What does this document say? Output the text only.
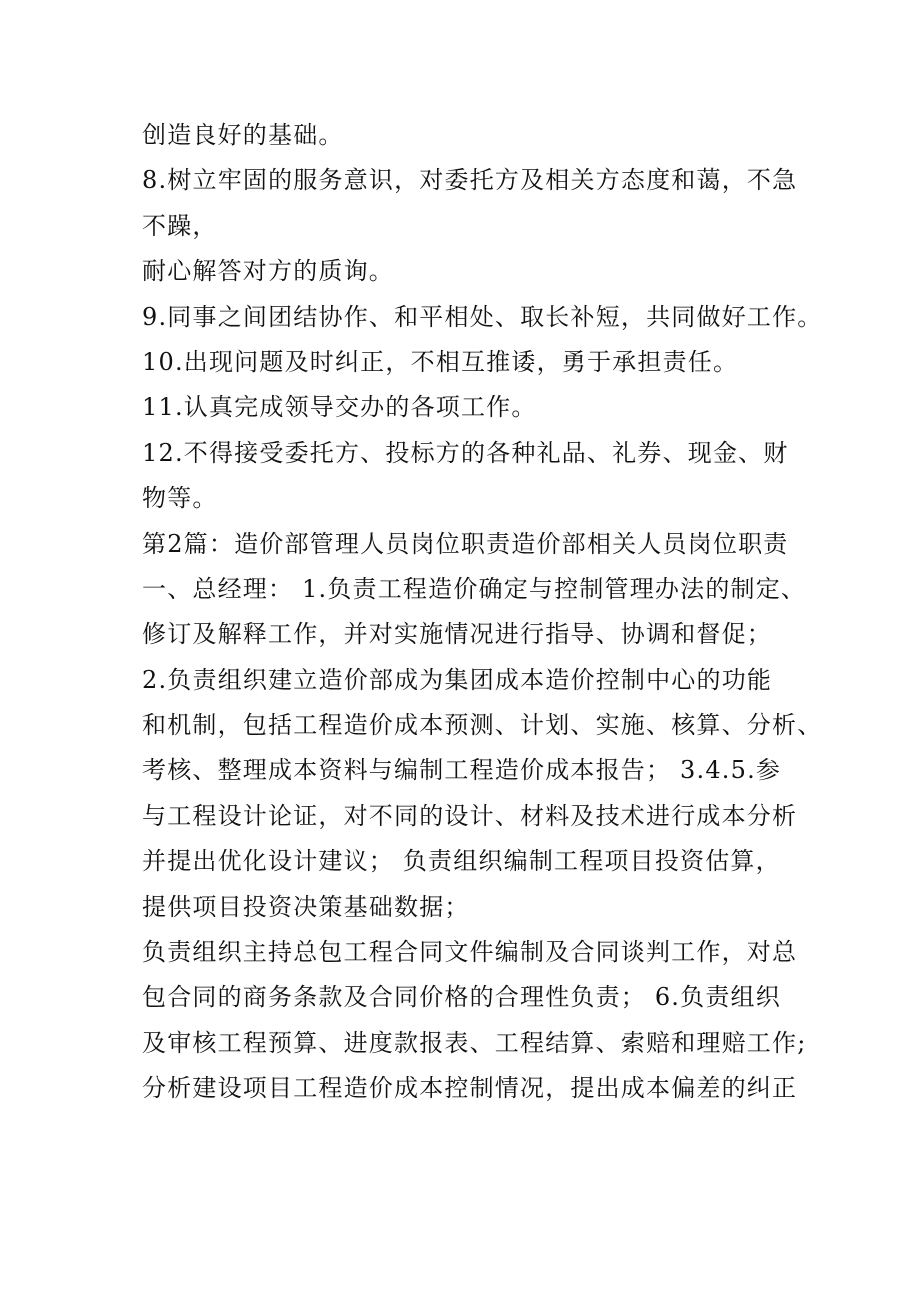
创造良好的基础。
8.树立牢固的服务意识，对委托方及相关方态度和蔼，不急
不躁，
耐心解答对方的质询。
9.同事之间团结协作、和平相处、取长补短，共同做好工作。
10.出现问题及时纠正，不相互推诿，勇于承担责任。
11.认真完成领导交办的各项工作。
12.不得接受委托方、投标方的各种礼品、礼券、现金、财
物等。
第2篇：造价部管理人员岗位职责造价部相关人员岗位职责
一、总经理： 1.负责工程造价确定与控制管理办法的制定、
修订及解释工作，并对实施情况进行指导、协调和督促；
2.负责组织建立造价部成为集团成本造价控制中心的功能
和机制，包括工程造价成本预测、计划、实施、核算、分析、
考核、整理成本资料与编制工程造价成本报告； 3.4.5.参
与工程设计论证，对不同的设计、材料及技术进行成本分析
并提出优化设计建议； 负责组织编制工程项目投资估算，
提供项目投资决策基础数据；
负责组织主持总包工程合同文件编制及合同谈判工作，对总
包合同的商务条款及合同价格的合理性负责； 6.负责组织
及审核工程预算、进度款报表、工程结算、索赔和理赔工作;
分析建设项目工程造价成本控制情况，提出成本偏差的纠正
